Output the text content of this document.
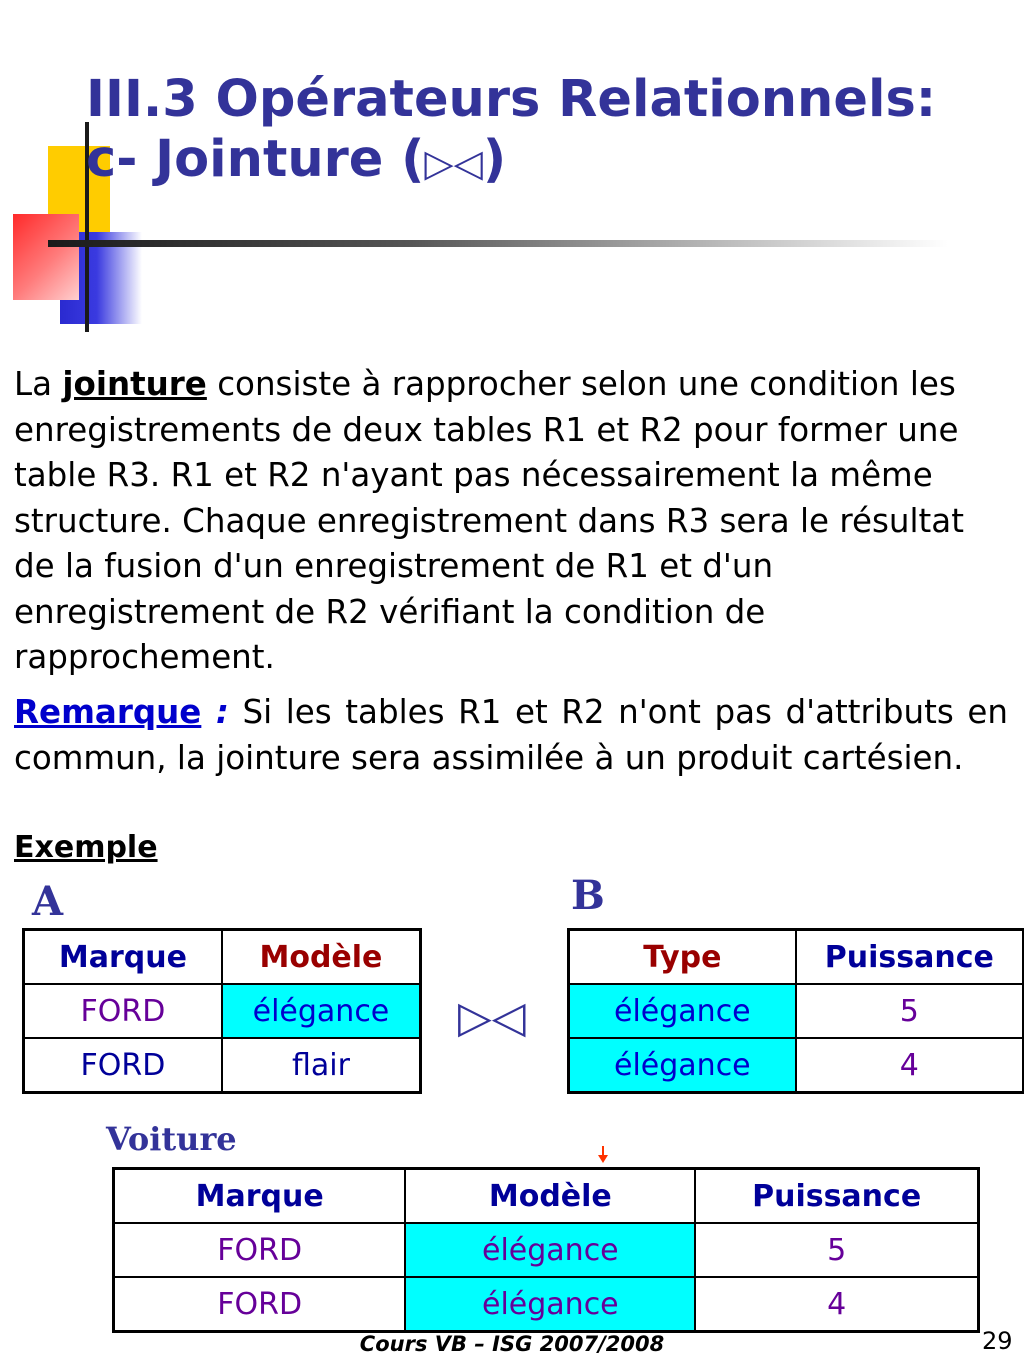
III.3 Opérateurs Relationnels:
c- Jointure (▷◁)

La jointure consiste à rapprocher selon une condition les enregistrements de deux tables R1 et R2 pour former une table R3. R1 et R2 n'ayant pas nécessairement la même structure. Chaque enregistrement dans R3 sera le résultat de la fusion d'un enregistrement de R1 et d'un enregistrement de R2 vérifiant la condition de rapprochement.

Remarque : Si les tables R1 et R2 n'ont pas d'attributs en commun, la jointure sera assimilée à un produit cartésien.

Exemple

A	B
Marque	Modèle
FORD	élégance
FORD	flair
▷◁
Type	Puissance
élégance	5
élégance	4
Voiture
Marque	Modèle	Puissance
FORD	élégance	5
FORD	élégance	4
Cours VB – ISG 2007/2008	29
